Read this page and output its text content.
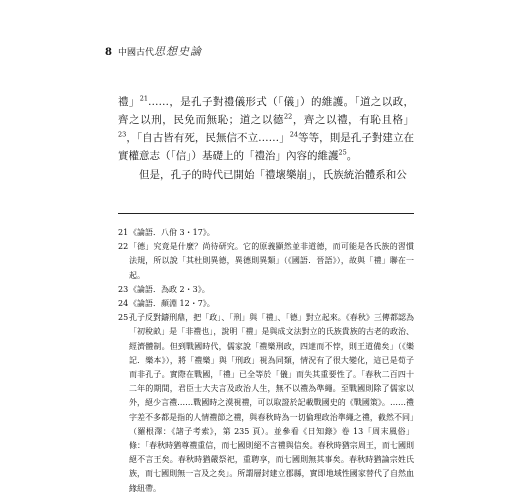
8 中國古代思想史論

禮」$^{21}$……，是孔子對禮儀形式（「儀」）的維護。「道之以政，齊之以刑，民免而無恥；道之以德$^{22}$，齊之以禮，有恥且格」$^{23}$，「自古皆有死，民無信不立……」$^{24}$等等，則是孔子對建立在實權意志（「信」）基礎上的「禮治」內容的維護$^{25}$。

但是，孔子的時代已開始「禮壞樂崩」，氏族統治體系和公

21 《論語．八佾 3・17》。
22 「德」究竟是什麼？尚待研究。它的原義顯然並非道德，而可能是各氏族的習慣法規，所以說「其杜則異德，異德則異類」（《國語．晉語》），故與「禮」聯在一起。
23 《論語．為政 2・3》。
24 《論語．顏淵 12・7》。
25 孔子反對鑄刑鼎，把「政」、「刑」與「禮」、「德」對立起來。《春秋》三傳都認為「初稅畝」是「非禮也」，說明「禮」是與成文法對立的氏族貴族的古老的政治、經濟體制。但到戰國時代，儒家說「禮樂刑政，四達而不悖，則王道備矣」（《樂記．樂本》），將「禮樂」與「刑政」視為同類，情況有了很大變化，這已是荀子而非孔子。實際在戰國，「禮」已全等於「儀」而失其重要性了。「春秋二百四十二年的期間，君臣士大夫言及政治人生，無不以禮為準繩。至戰國則除了儒家以外，絕少言禮……戰國時之漠視禮，可以取證於記載戰國史的《戰國策》。……禮字差不多都是指的人情禮節之禮，與春秋時為一切倫理政治準繩之禮，截然不同」（羅根澤：《諸子考索》，第 235 頁）。並參看《日知錄》卷 13「周末風俗」條：「春秋時猶尊禮重信，而七國則絕不言禮與信矣。春秋時猶宗周王，而七國則絕不言王矣。春秋時猶嚴祭祀，重聘享，而七國則無其事矣。春秋時猶論宗姓氏族，而七國則無一言及之矣」。所謂層封建立郡縣，實即地域性國家替代了自然血緣紐帶。
